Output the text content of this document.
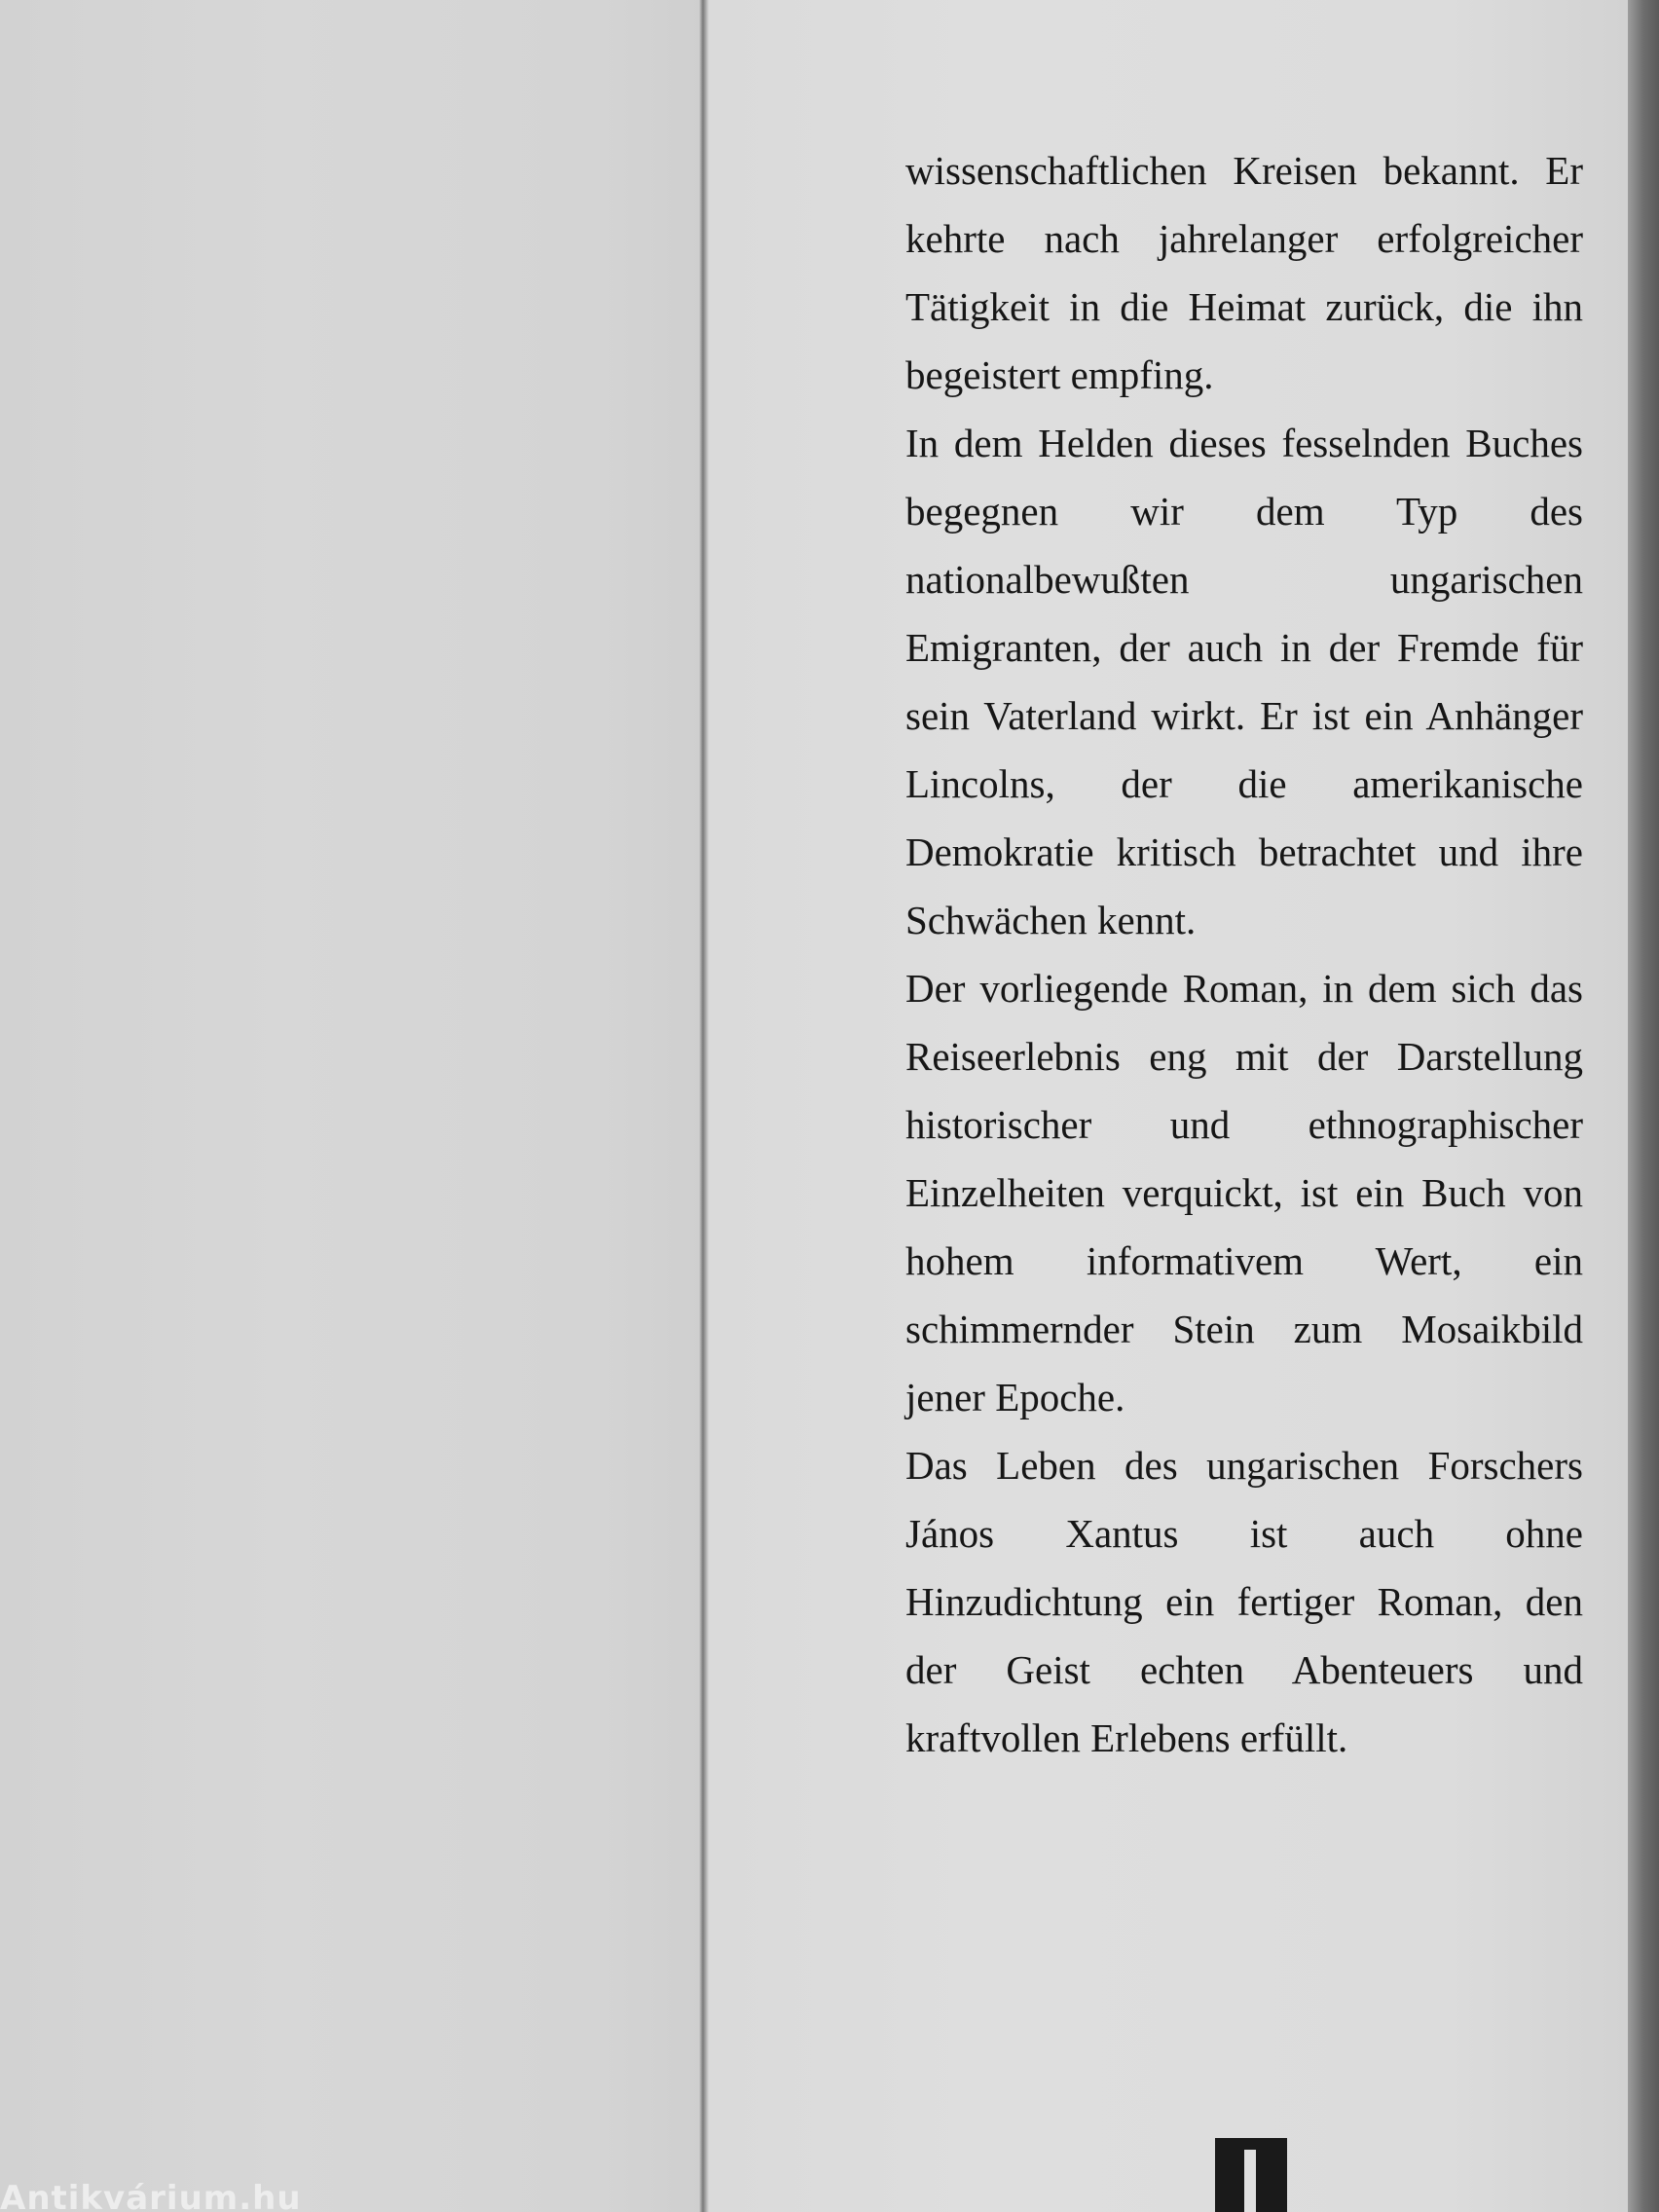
wissenschaftlichen Kreisen bekannt. Er kehrte nach jahrelanger erfolgreicher Tätigkeit in die Heimat zurück, die ihn begeistert empfing.

In dem Helden dieses fesselnden Buches begegnen wir dem Typ des nationalbewußten ungarischen Emigranten, der auch in der Fremde für sein Vaterland wirkt. Er ist ein Anhänger Lincolns, der die amerikanische Demokratie kritisch betrachtet und ihre Schwächen kennt.

Der vorliegende Roman, in dem sich das Reiseerlebnis eng mit der Darstellung historischer und ethnographischer Einzelheiten verquickt, ist ein Buch von hohem informativem Wert, ein schimmernder Stein zum Mosaikbild jener Epoche.

Das Leben des ungarischen Forschers János Xantus ist auch ohne Hinzudichtung ein fertiger Roman, den der Geist echten Abenteuers und kraftvollen Erlebens erfüllt.

Antikvárium.hu
